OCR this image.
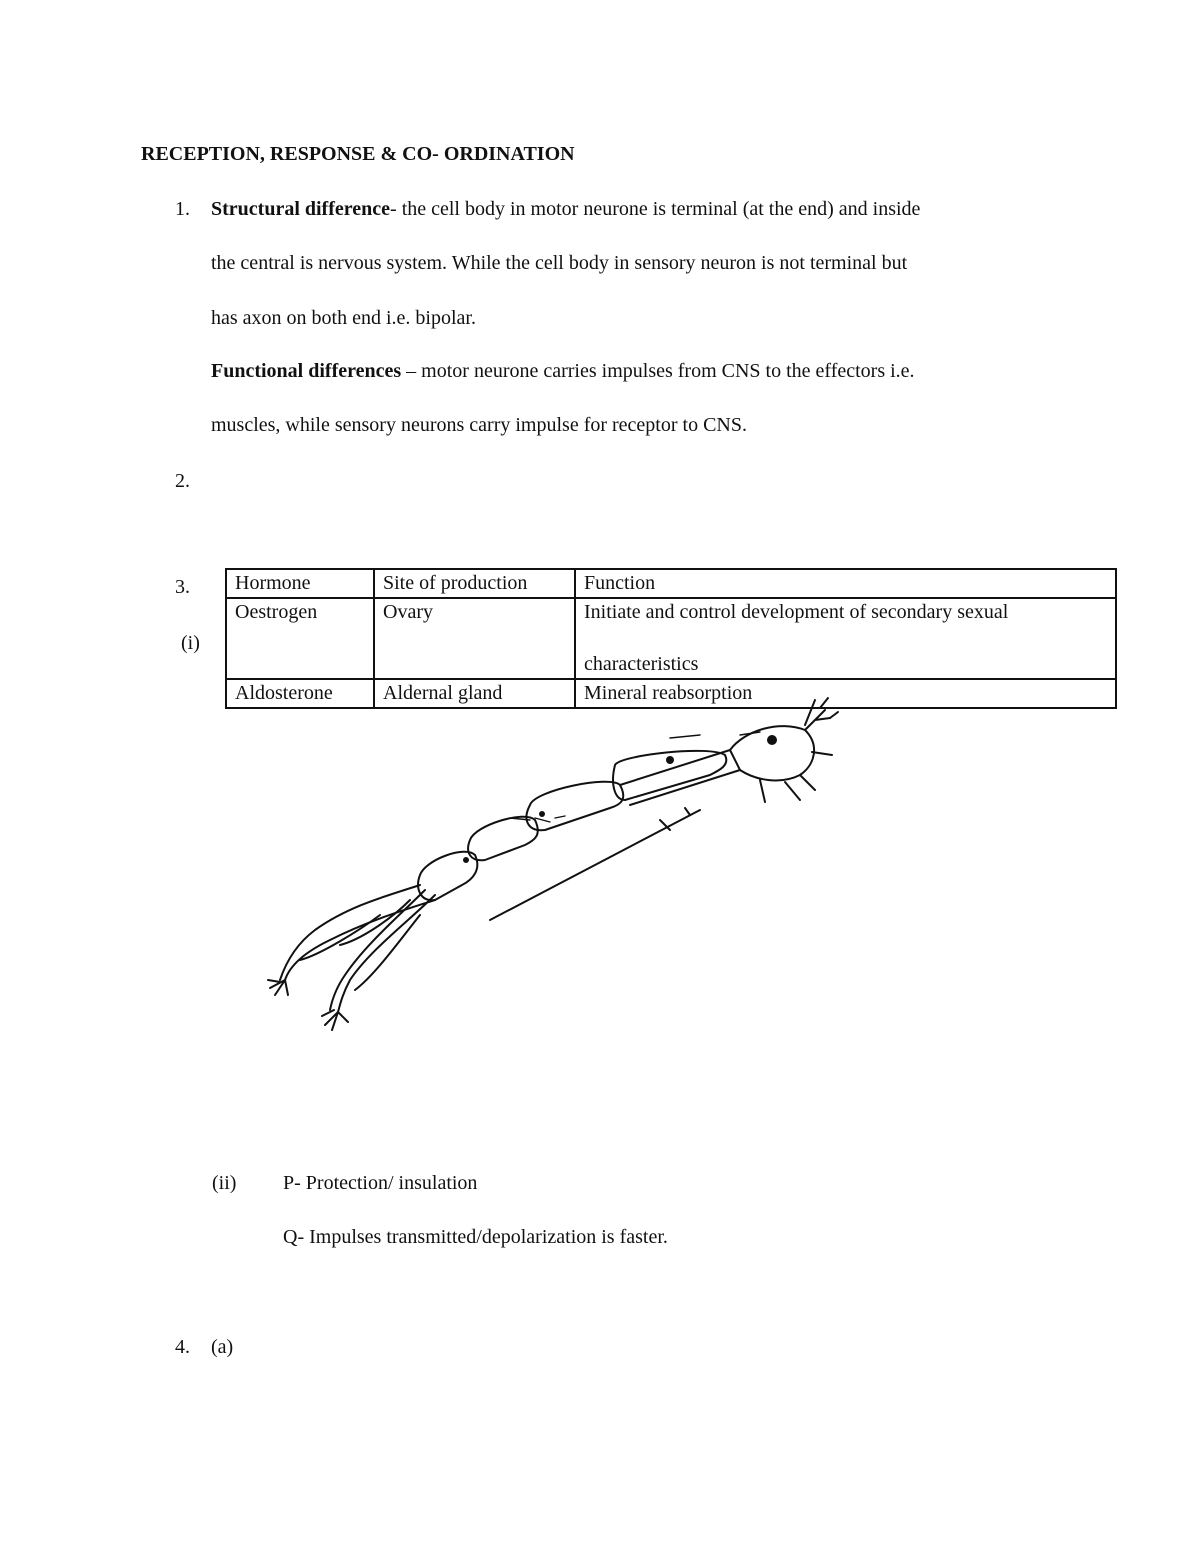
RECEPTION, RESPONSE & CO- ORDINATION
1. Structural difference- the cell body in motor neurone is terminal (at the end) and inside
the central is nervous system. While the cell body in sensory neuron is not terminal but
has axon on both end i.e. bipolar.
Functional differences – motor neurone carries impulses from CNS to the effectors i.e.
muscles, while sensory neurons carry impulse for receptor to CNS.
2.
3.
(i)
Hormone	Site of production	Function
Oestrogen	Ovary	Initiate and control development of secondary sexual
characteristics

Aldosterone	Aldernal gland	Mineral reabsorption
(ii) P- Protection/ insulation
Q- Impulses transmitted/depolarization is faster.
4. (a)
